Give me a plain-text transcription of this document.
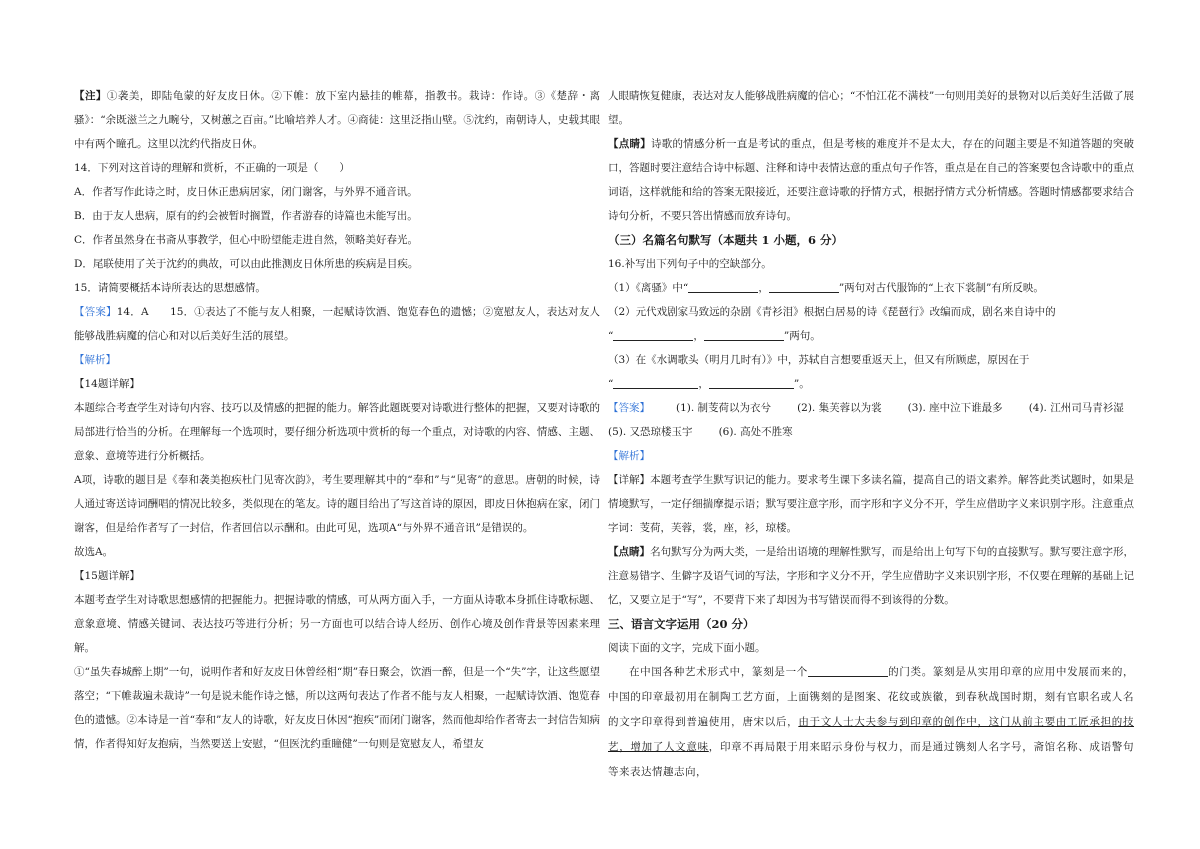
【注】①袭美，即陆龟蒙的好友皮日休。②下帷：放下室内悬挂的帷幕，指教书。栽诗：作诗。③《楚辞・离骚》：“余既滋兰之九畹兮，又树蕙之百亩。”比喻培养人才。④商徒：这里泛指山壁。⑤沈约，南朝诗人，史载其眼中有两个瞳孔。这里以沈约代指皮日休。

14．下列对这首诗的理解和赏析，不正确的一项是（　　）

A．作者写作此诗之时，皮日休正患病居家，闭门谢客，与外界不通音讯。

B．由于友人患病，原有的约会被暂时搁置，作者游春的诗篇也未能写出。

C．作者虽然身在书斋从事教学，但心中盼望能走进自然，领略美好春光。

D．尾联使用了关于沈约的典故，可以由此推测皮日休所患的疾病是目疾。

15．请简要概括本诗所表达的思想感情。

【答案】14．A　　15．①表达了不能与友人相聚，一起赋诗饮酒、饱览春色的遗憾；②宽慰友人，表达对友人能够战胜病魔的信心和对以后美好生活的展望。

【解析】

【14题详解】

本题综合考查学生对诗句内容、技巧以及情感的把握的能力。解答此题既要对诗歌进行整体的把握，又要对诗歌的局部进行恰当的分析。在理解每一个选项时，要仔细分析选项中赏析的每一个重点，对诗歌的内容、情感、主题、意象、意境等进行分析概括。

A项，诗歌的题目是《奉和袭美抱疾杜门见寄次韵》，考生要理解其中的“奉和”与“见寄”的意思。唐朝的时候，诗人通过寄送诗词酬唱的情况比较多，类似现在的笔友。诗的题目给出了写这首诗的原因，即皮日休抱病在家，闭门谢客，但是给作者写了一封信，作者回信以示酬和。由此可见，选项A“与外界不通音讯”是错误的。

故选A。

【15题详解】

本题考查学生对诗歌思想感情的把握能力。把握诗歌的情感，可从两方面入手，一方面从诗歌本身抓住诗歌标题、意象意境、情感关键词、表达技巧等进行分析；另一方面也可以结合诗人经历、创作心境及创作背景等因素来理解。

①“虽失春城醉上期”一句，说明作者和好友皮日休曾经相“期”春日聚会，饮酒一醉，但是一个“失”字，让这些愿望落空；“下帷裁遍未裁诗”一句是说未能作诗之憾，所以这两句表达了作者不能与友人相聚，一起赋诗饮酒、饱览春色的遗憾。②本诗是一首“奉和”友人的诗歌，好友皮日休因“抱疾”而闭门谢客，然而他却给作者寄去一封信告知病情，作者得知好友抱病，当然要送上安慰，“但医沈约重瞳健”一句则是宽慰友人，希望友

人眼睛恢复健康，表达对友人能够战胜病魔的信心；“不怕江花不满枝”一句则用美好的景物对以后美好生活做了展望。

【点睛】诗歌的情感分析一直是考试的重点，但是考核的难度并不是太大，存在的问题主要是不知道答题的突破口，答题时要注意结合诗中标题、注释和诗中表情达意的重点句子作答，重点是在自己的答案要包含诗歌中的重点词语，这样就能和给的答案无限接近，还要注意诗歌的抒情方式，根据抒情方式分析情感。答题时情感都要求结合诗句分析，不要只答出情感而放弃诗句。

（三）名篇名句默写（本题共 1 小题，6 分）

16.补写出下列句子中的空缺部分。

（1）《离骚》中“	，	”两句对古代服饰的“上衣下裳制”有所反映。

（2）元代戏剧家马致远的杂剧《青衫泪》根据白居易的诗《琵琶行》改编而成，剧名来自诗中的

“	，	”两句。

（3）在《水调歌头（明月几时有）》中，苏轼自言想要重返天上，但又有所顾虑，原因在于

“	，	”。

【答案】 (1). 制芰荷以为衣兮 (2). 集芙蓉以为裳 (3). 座中泣下谁最多 (4). 江州司马青衫湿

(5). 又恐琼楼玉宇 (6). 高处不胜寒

【解析】

【详解】本题考查学生默写识记的能力。要求考生课下多读名篇，提高自己的语文素养。解答此类试题时，如果是情境默写，一定仔细揣摩提示语；默写要注意字形，而字形和字义分不开，学生应借助字义来识别字形。注意重点字词：芰荷，芙蓉，裳，座，衫，琼楼。

【点睛】名句默写分为两大类，一是给出语境的理解性默写，而是给出上句写下句的直接默写。默写要注意字形，注意易错字、生僻字及语气词的写法，字形和字义分不开，学生应借助字义来识别字形，不仅要在理解的基础上记忆，又要立足于“写”，不要背下来了却因为书写错误而得不到该得的分数。

三、语言文字运用（20 分）

阅读下面的文字，完成下面小题。

在中国各种艺术形式中，篆刻是一个	的门类。篆刻是从实用印章的应用中发展而来的，中国的印章最初用在制陶工艺方面，上面镌刻的是图案、花纹或族徽，到春秋战国时期，刻有官职名或人名的文字印章得到普遍使用，唐宋以后，由于文人士大夫参与到印章的创作中，这门从前主要由工匠承担的技艺，增加了人文意味，印章不再局限于用来昭示身份与权力，而是通过镌刻人名字号，斋馆名称、成语警句等来表达情趣志向，
